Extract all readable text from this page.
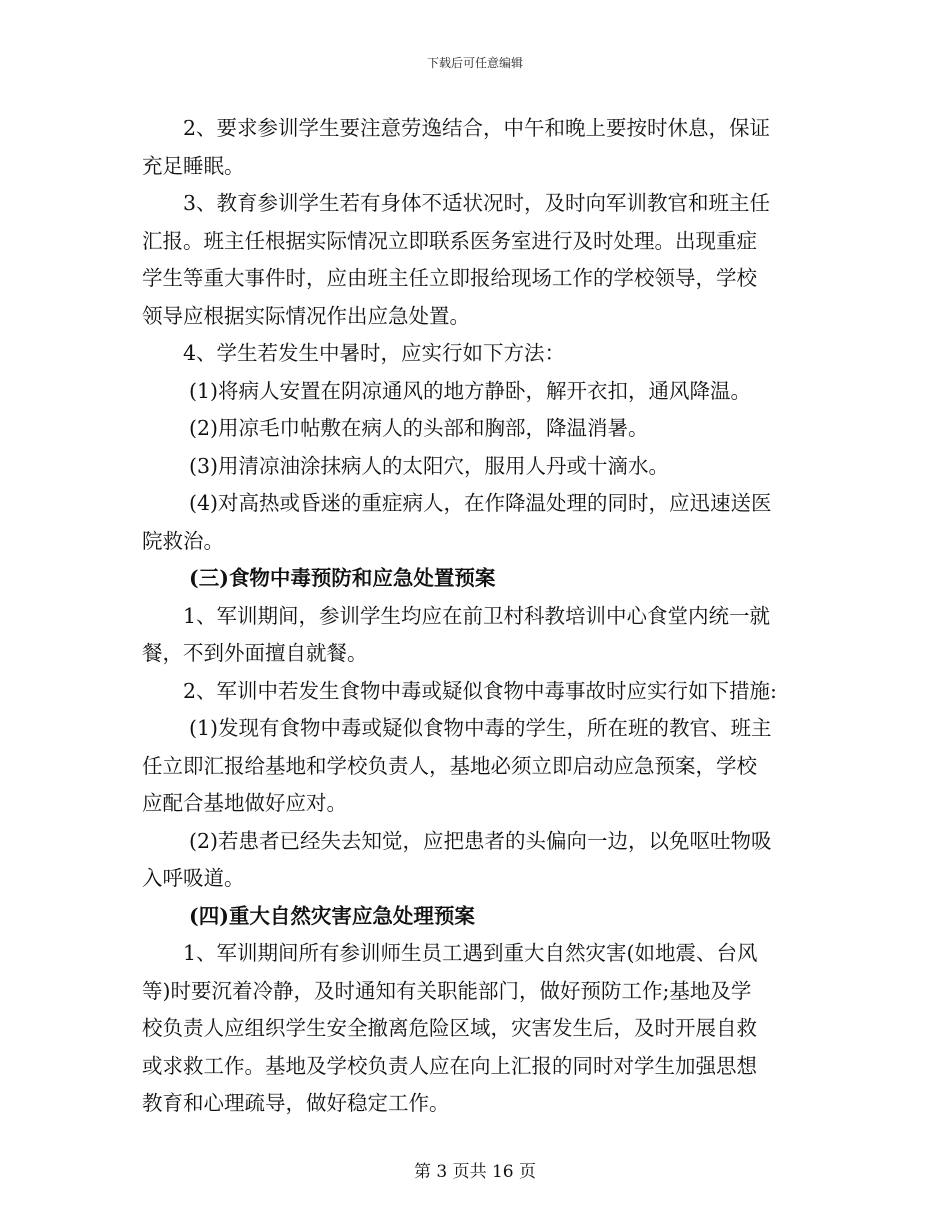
下载后可任意编辑
2、要求参训学生要注意劳逸结合，中午和晚上要按时休息，保证
充足睡眠。
3、教育参训学生若有身体不适状况时，及时向军训教官和班主任
汇报。班主任根据实际情况立即联系医务室进行及时处理。出现重症
学生等重大事件时，应由班主任立即报给现场工作的学校领导，学校
领导应根据实际情况作出应急处置。
4、学生若发生中暑时，应实行如下方法：
(1)将病人安置在阴凉通风的地方静卧，解开衣扣，通风降温。
(2)用凉毛巾帖敷在病人的头部和胸部，降温消暑。
(3)用清凉油涂抹病人的太阳穴，服用人丹或十滴水。
(4)对高热或昏迷的重症病人，在作降温处理的同时，应迅速送医
院救治。
(三)食物中毒预防和应急处置预案
1、军训期间，参训学生均应在前卫村科教培训中心食堂内统一就
餐，不到外面擅自就餐。
2、军训中若发生食物中毒或疑似食物中毒事故时应实行如下措施:
(1)发现有食物中毒或疑似食物中毒的学生，所在班的教官、班主
任立即汇报给基地和学校负责人，基地必须立即启动应急预案，学校
应配合基地做好应对。
(2)若患者已经失去知觉，应把患者的头偏向一边，以免呕吐物吸
入呼吸道。
(四)重大自然灾害应急处理预案
1、军训期间所有参训师生员工遇到重大自然灾害(如地震、台风
等)时要沉着冷静，及时通知有关职能部门，做好预防工作;基地及学
校负责人应组织学生安全撤离危险区域，灾害发生后，及时开展自救
或求救工作。基地及学校负责人应在向上汇报的同时对学生加强思想
教育和心理疏导，做好稳定工作。
第 3 页共 16 页
